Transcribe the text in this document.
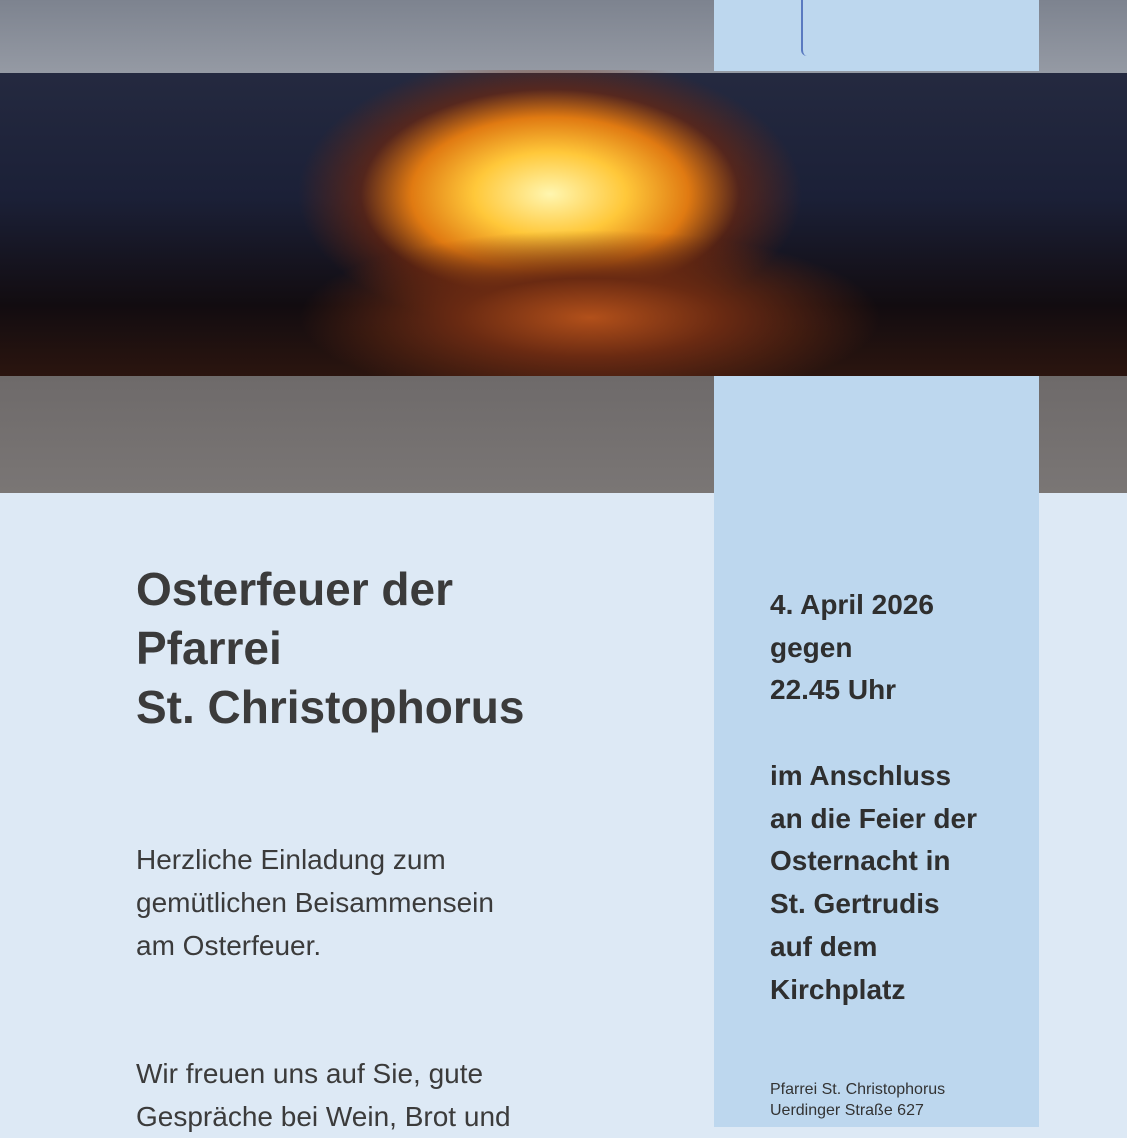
Osterfeuer der
Pfarrei
St. Christophorus

Herzliche Einladung zum
gemütlichen Beisammensein
am Osterfeuer.

Wir freuen uns auf Sie, gute
Gespräche bei Wein, Brot und

4. April 2026
gegen
22.45 Uhr

im Anschluss
an die Feier der
Osternacht in
St. Gertrudis
auf dem
Kirchplatz

Pfarrei St. Christophorus
Uerdinger Straße 627
